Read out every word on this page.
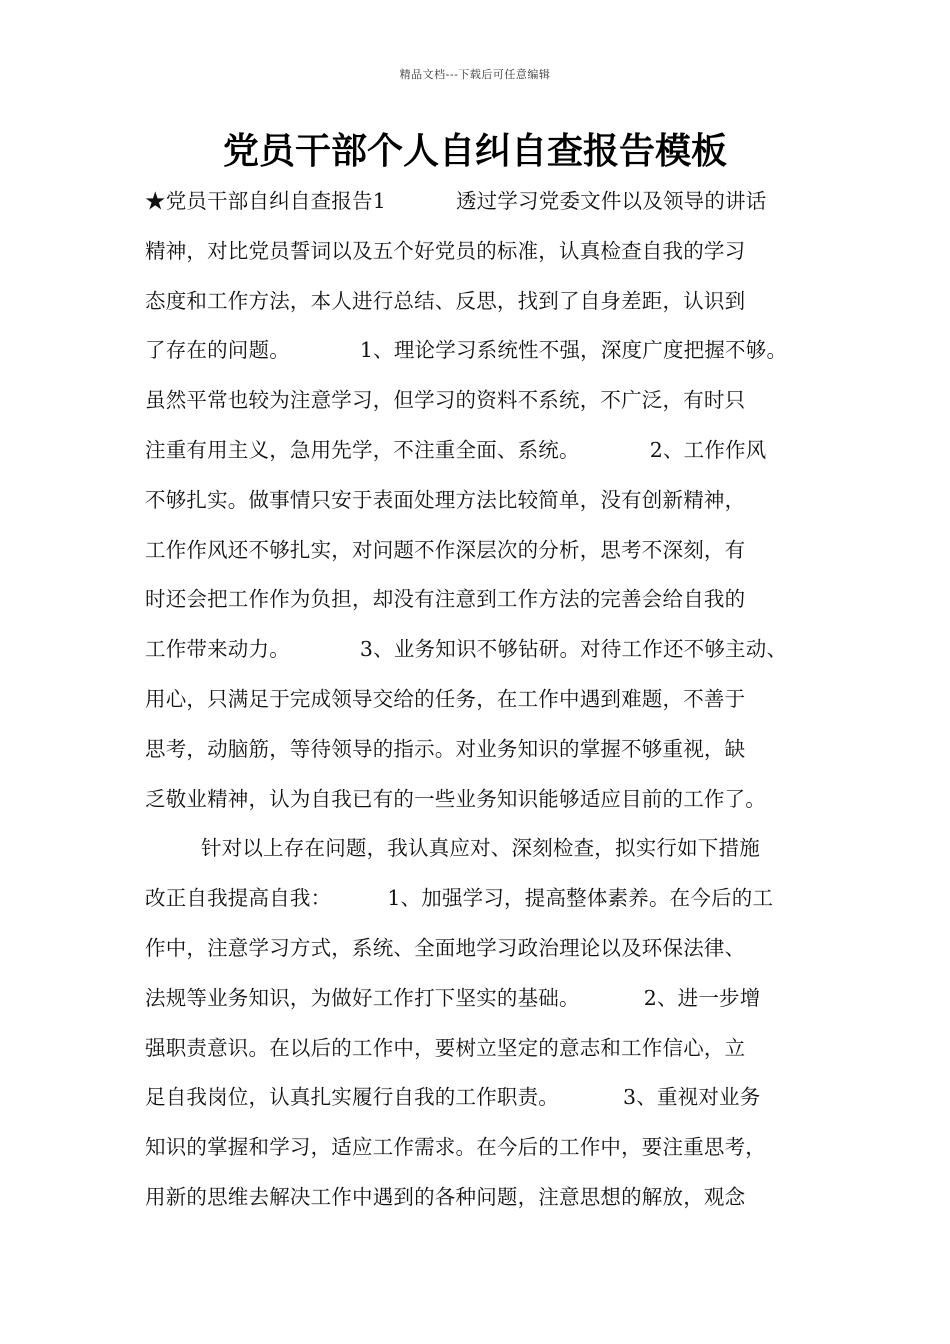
精品文档---下载后可任意编辑
党员干部个人自纠自查报告模板
★党员干部自纠自查报告1	透过学习党委文件以及领导的讲话
精神，对比党员誓词以及五个好党员的标准，认真检查自我的学习
态度和工作方法，本人进行总结、反思，找到了自身差距，认识到
了存在的问题。	1、理论学习系统性不强，深度广度把握不够。
虽然平常也较为注意学习，但学习的资料不系统，不广泛，有时只
注重有用主义，急用先学，不注重全面、系统。	2、工作作风
不够扎实。做事情只安于表面处理方法比较简单，没有创新精神，
工作作风还不够扎实，对问题不作深层次的分析，思考不深刻，有
时还会把工作作为负担，却没有注意到工作方法的完善会给自我的
工作带来动力。	3、业务知识不够钻研。对待工作还不够主动、
用心，只满足于完成领导交给的任务，在工作中遇到难题，不善于
思考，动脑筋，等待领导的指示。对业务知识的掌握不够重视，缺
乏敬业精神，认为自我已有的一些业务知识能够适应目前的工作了。
针对以上存在问题，我认真应对、深刻检查，拟实行如下措施
改正自我提高自我：	1、加强学习，提高整体素养。在今后的工
作中，注意学习方式，系统、全面地学习政治理论以及环保法律、
法规等业务知识，为做好工作打下坚实的基础。	2、进一步增
强职责意识。在以后的工作中，要树立坚定的意志和工作信心，立
足自我岗位，认真扎实履行自我的工作职责。	3、重视对业务
知识的掌握和学习，适应工作需求。在今后的工作中，要注重思考，
用新的思维去解决工作中遇到的各种问题，注意思想的解放，观念
